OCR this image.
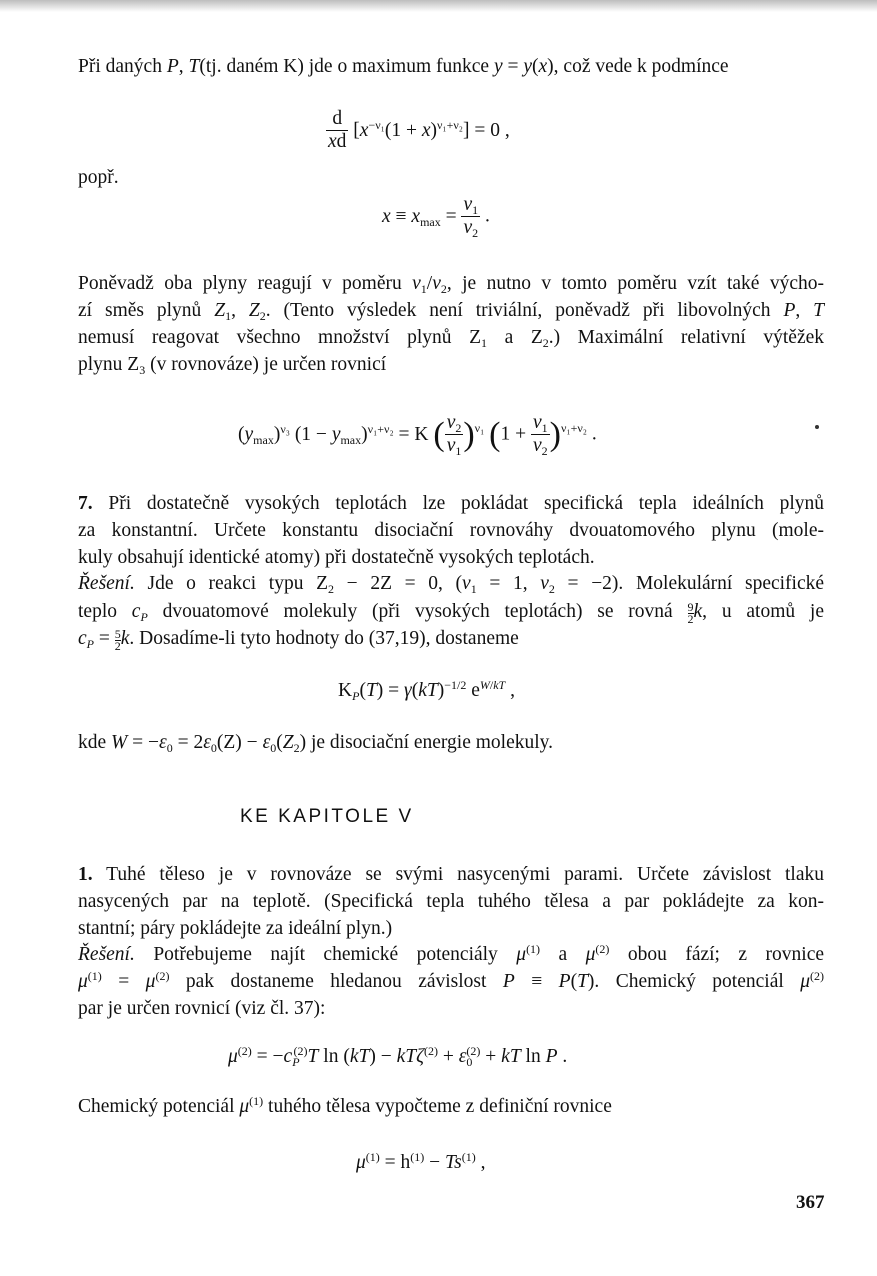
Při daných P, T(tj. daném K) jde o maximum funkce y = y(x), což vede k podmínce
$\frac{d}{xd} [x^{-\nu_1}(1 + x)^{\nu_1+\nu_2}] = 0$ ,
popř.
$x \equiv x_{max} = \frac{\nu_1}{\nu_2}$ .
Poněvadž oba plyny reagují v poměru $\nu_1/\nu_2$, je nutno v tomto poměru vzít také výcho-
zí směs plynů $Z_1$, $Z_2$. (Tento výsledek není triviální, poněvadž při libovolných P, T
nemusí reagovat všechno množství plynů $Z_1$ a $Z_2$.) Maximální relativní výtěžek
plynu $Z_3$ (v rovnováze) je určen rovnicí
$(y_{max})^{\nu_3}$ $(1 - y_{max})^{\nu_1+\nu_2} = K$ ( $\frac{\nu_2}{\nu_1} )^{\nu_1}$ $(1 + \frac{\nu_1}{\nu_2} )^{\nu_1+\nu_2}$ .
7. Při dostatečně vysokých teplotách lze pokládat specifická tepla ideálních plynů
za konstantní. Určete konstantu disociační rovnováhy dvouatomového plynu (mole-
kuly obsahují identické atomy) při dostatečně vysokých teplotách.
Řešení. Jde o reakci typu $Z_2 - 2Z = 0$, ($\nu_1 = 1$, $\nu_2 = -2$). Molekulární specifické
teplo $c_P$ dvouatomové molekuly (při vysokých teplotách) se rovná $\frac{9}{2} k$, u atomů je
$c_P = \frac{5}{2} k$. Dosadíme-li tyto hodnoty do (37,19), dostaneme
$K_P(T) = \gamma(kT)^{-1/2}$ $e^{W/kT}$ ,
kde $W = -\varepsilon_0 = 2\varepsilon_0(Z) - \varepsilon_0(Z_2)$ je disociační energie molekuly.
KE KAPITOLE V
1. Tuhé těleso je v rovnováze se svými nasycenými parami. Určete závislost tlaku
nasycených par na teplotě. (Specifická tepla tuhého tělesa a par pokládejte za kon-
stantní; páry pokládejte za ideální plyn.)
Řešení. Potřebujeme najít chemické potenciály $\mu^{(1)}$ a $\mu^{(2)}$ obou fází; z rovnice
$\mu^{(1)} = \mu^{(2)}$ pak dostaneme hledanou závislost P ≡ P(T). Chemický potenciál $\mu^{(2)}$
par je určen rovnicí (viz čl. 37):
$\mu^{(2)} = -c_P^{(2)}T$ $\ln (kT) - kT\zeta^{(2)} + \varepsilon_0^{(2)}$ + kT ln P .
Chemický potenciál $\mu^{(1)}$ tuhého tělesa vypočteme z definiční rovnice
$\mu^{(1)} = h^{(1)} - Ts^{(1)}$ ,
367
